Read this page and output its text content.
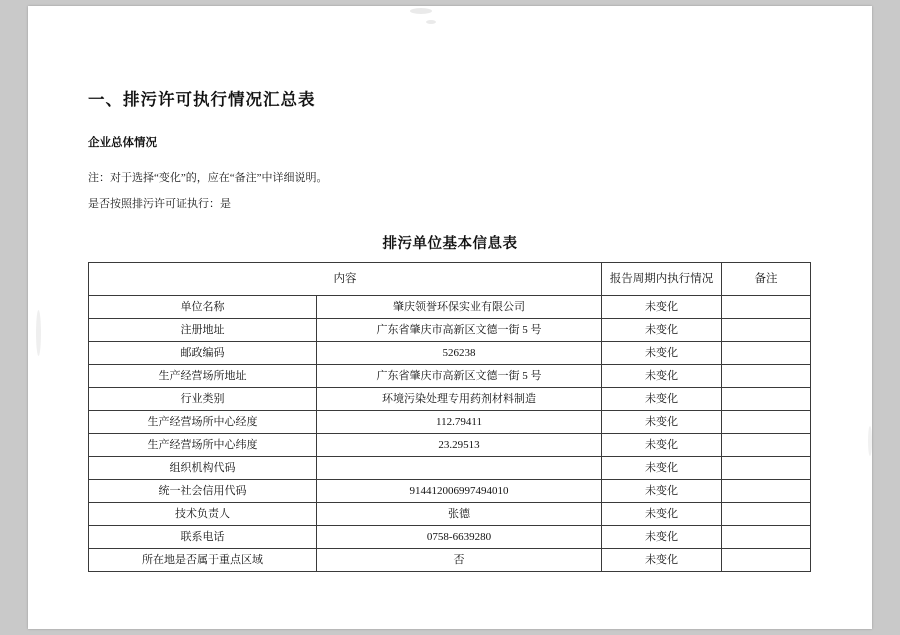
一、排污许可执行情况汇总表
企业总体情况
注：对于选择“变化”的，应在“备注”中详细说明。
是否按照排污许可证执行：是
排污单位基本信息表
内容		报告周期内执行情况	备注
单位名称	肇庆领誉环保实业有限公司	未变化	
注册地址	广东省肇庆市高新区文德一街 5 号	未变化	
邮政编码	526238	未变化	
生产经营场所地址	广东省肇庆市高新区文德一街 5 号	未变化	
行业类别	环境污染处理专用药剂材料制造	未变化	
生产经营场所中心经度	112.79411	未变化	
生产经营场所中心纬度	23.29513	未变化	
组织机构代码		未变化	
统一社会信用代码	914412006997494010	未变化	
技术负责人	张德	未变化	
联系电话	0758-6639280	未变化	
所在地是否属于重点区域	否	未变化	
